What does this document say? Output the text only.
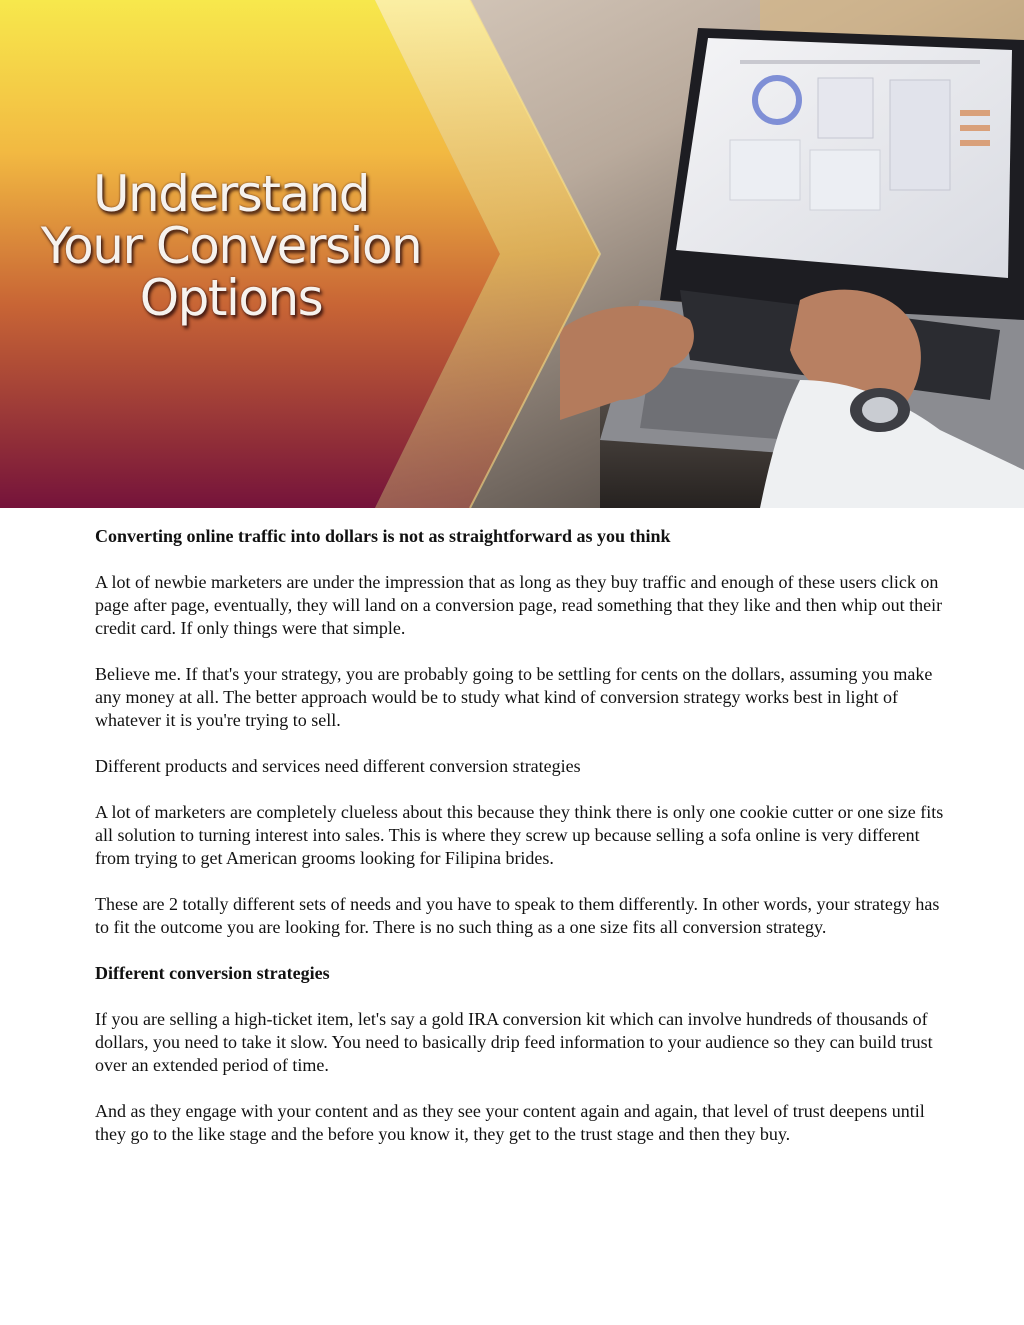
Understand
Your Conversion
Options

Converting online traffic into dollars is not as straightforward as you think

A lot of newbie marketers are under the impression that as long as they buy traffic and enough of these users click on page after page, eventually, they will land on a conversion page, read something that they like and then whip out their credit card. If only things were that simple.

Believe me. If that's your strategy, you are probably going to be settling for cents on the dollars, assuming you make any money at all. The better approach would be to study what kind of conversion strategy works best in light of whatever it is you're trying to sell.

Different products and services need different conversion strategies

A lot of marketers are completely clueless about this because they think there is only one cookie cutter or one size fits all solution to turning interest into sales. This is where they screw up because selling a sofa online is very different from trying to get American grooms looking for Filipina brides.

These are 2 totally different sets of needs and you have to speak to them differently. In other words, your strategy has to fit the outcome you are looking for. There is no such thing as a one size fits all conversion strategy.

Different conversion strategies

If you are selling a high-ticket item, let's say a gold IRA conversion kit which can involve hundreds of thousands of dollars, you need to take it slow. You need to basically drip feed information to your audience so they can build trust over an extended period of time.

And as they engage with your content and as they see your content again and again, that level of trust deepens until they go to the like stage and the before you know it, they get to the trust stage and then they buy.
